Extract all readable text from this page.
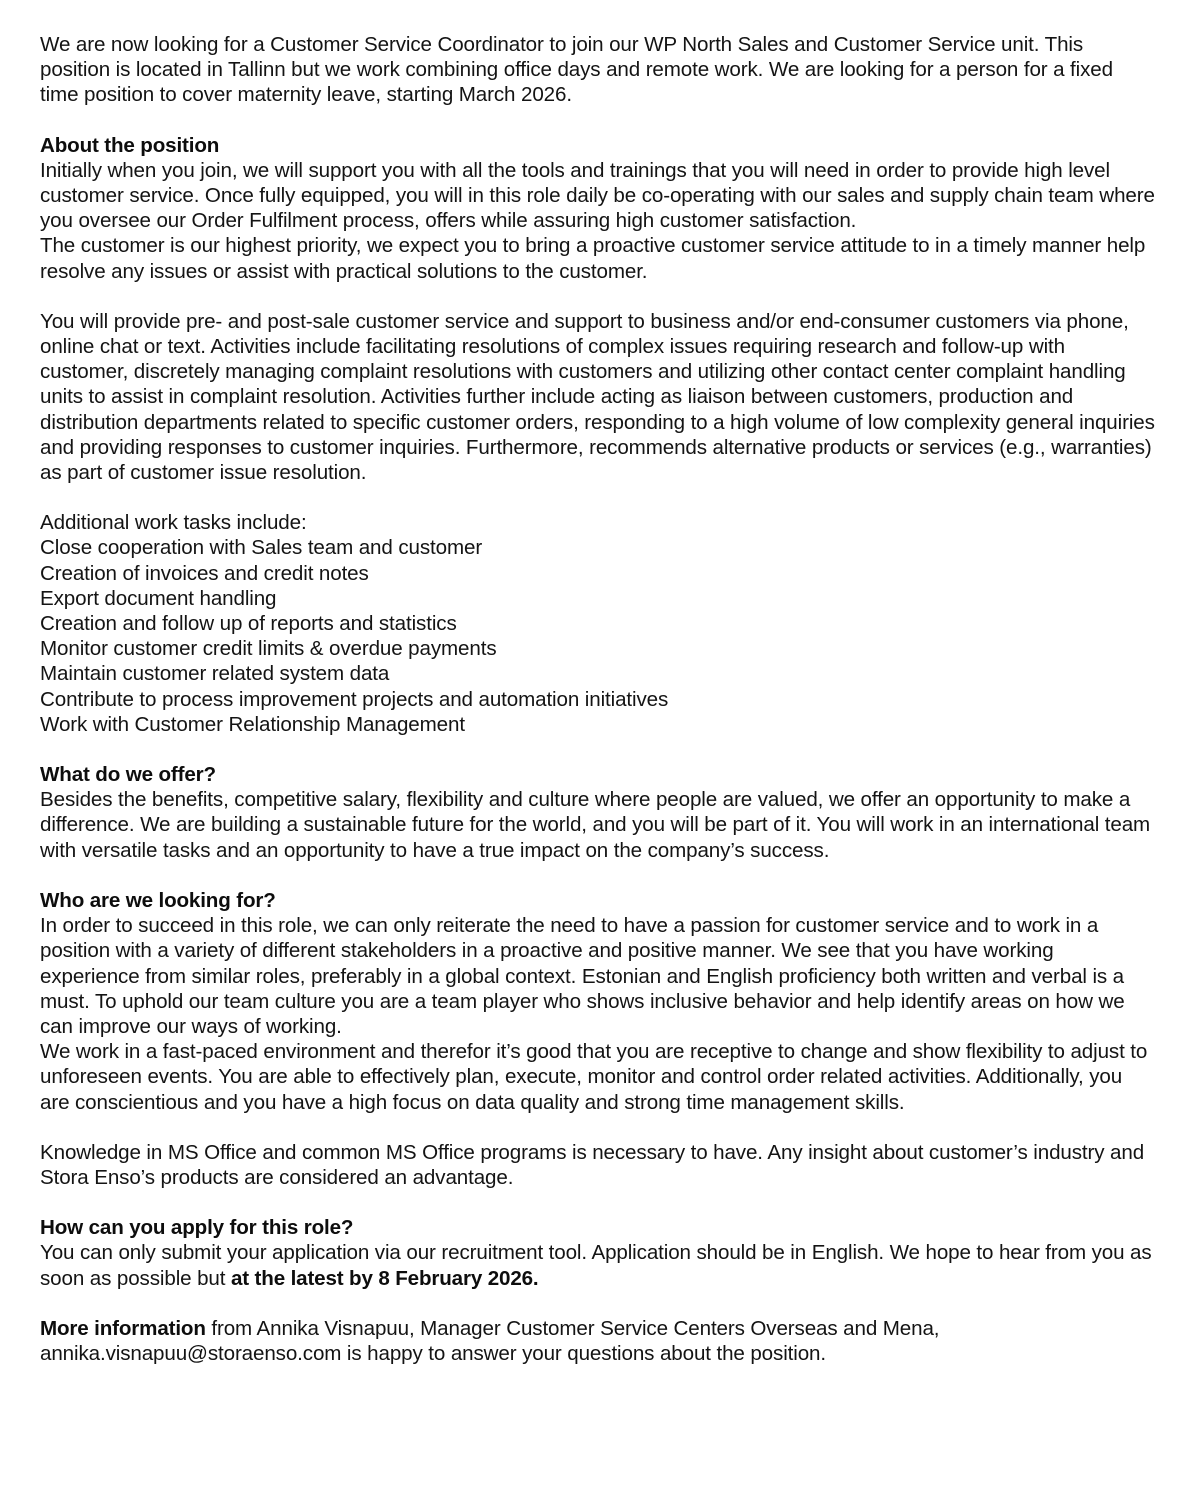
We are now looking for a Customer Service Coordinator to join our WP North Sales and Customer Service unit. This position is located in Tallinn but we work combining office days and remote work. We are looking for a person for a fixed time position to cover maternity leave, starting March 2026.

About the position

Initially when you join, we will support you with all the tools and trainings that you will need in order to provide high level customer service. Once fully equipped, you will in this role daily be co-operating with our sales and supply chain team where you oversee our Order Fulfilment process, offers while assuring high customer satisfaction.

The customer is our highest priority, we expect you to bring a proactive customer service attitude to in a timely manner help resolve any issues or assist with practical solutions to the customer.

You will provide pre- and post-sale customer service and support to business and/or end-consumer customers via phone, online chat or text. Activities include facilitating resolutions of complex issues requiring research and follow-up with customer, discretely managing complaint resolutions with customers and utilizing other contact center complaint handling units to assist in complaint resolution. Activities further include acting as liaison between customers, production and distribution departments related to specific customer orders, responding to a high volume of low complexity general inquiries and providing responses to customer inquiries. Furthermore, recommends alternative products or services (e.g., warranties) as part of customer issue resolution.

Additional work tasks include:

Close cooperation with Sales team and customer

Creation of invoices and credit notes

Export document handling

Creation and follow up of reports and statistics

Monitor customer credit limits & overdue payments

Maintain customer related system data

Contribute to process improvement projects and automation initiatives

Work with Customer Relationship Management

What do we offer?

Besides the benefits, competitive salary, flexibility and culture where people are valued, we offer an opportunity to make a difference. We are building a sustainable future for the world, and you will be part of it. You will work in an international team with versatile tasks and an opportunity to have a true impact on the company’s success.

Who are we looking for?

In order to succeed in this role, we can only reiterate the need to have a passion for customer service and to work in a position with a variety of different stakeholders in a proactive and positive manner. We see that you have working experience from similar roles, preferably in a global context. Estonian and English proficiency both written and verbal is a must. To uphold our team culture you are a team player who shows inclusive behavior and help identify areas on how we can improve our ways of working.

We work in a fast-paced environment and therefor it’s good that you are receptive to change and show flexibility to adjust to unforeseen events. You are able to effectively plan, execute, monitor and control order related activities. Additionally, you are conscientious and you have a high focus on data quality and strong time management skills.

Knowledge in MS Office and common MS Office programs is necessary to have. Any insight about customer’s industry and Stora Enso’s products are considered an advantage.

How can you apply for this role?

You can only submit your application via our recruitment tool. Application should be in English. We hope to hear from you as soon as possible but at the latest by 8 February 2026.

More information from Annika Visnapuu, Manager Customer Service Centers Overseas and Mena, annika.visnapuu@storaenso.com is happy to answer your questions about the position.
